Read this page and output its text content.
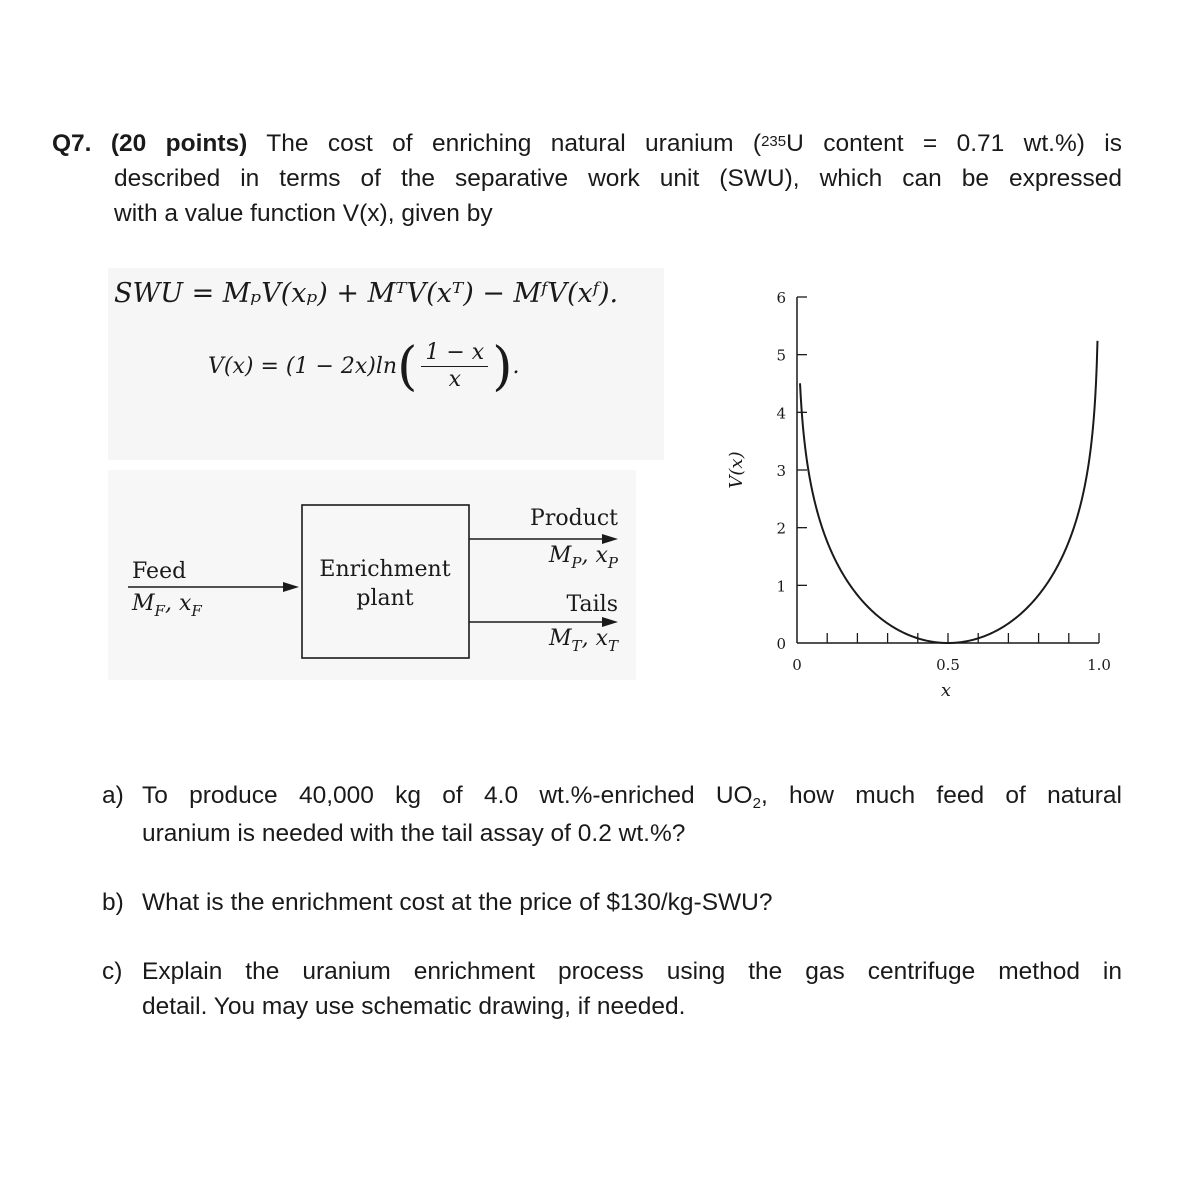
Q7. (20 points) The cost of enriching natural uranium ($^{235}$U content = 0.71 wt.%) is
described in terms of the separative work unit (SWU), which can be expressed
with a value function V(x), given by
SWU = MₚV(xₚ) + MᵀV(xᵀ) − MᶠV(xᶠ).
V(x) = (1 − 2x)ln ( $\frac{1 - x}{x}$ ) .
Feed
$M_F$, $x_F$
Enrichment
plant
Product
$M_P$, $x_P$
Tails
$M_T$, $x_T$	0
1
2
3
4
5
6
0	0.5	1.0
V(x)
x
a) To produce 40,000 kg of 4.0 wt.%-enriched $UO_2$, how much feed of natural
uranium is needed with the tail assay of 0.2 wt.%?
b) What is the enrichment cost at the price of $130/kg-SWU?
c) Explain the uranium enrichment process using the gas centrifuge method in
detail. You may use schematic drawing, if needed.
